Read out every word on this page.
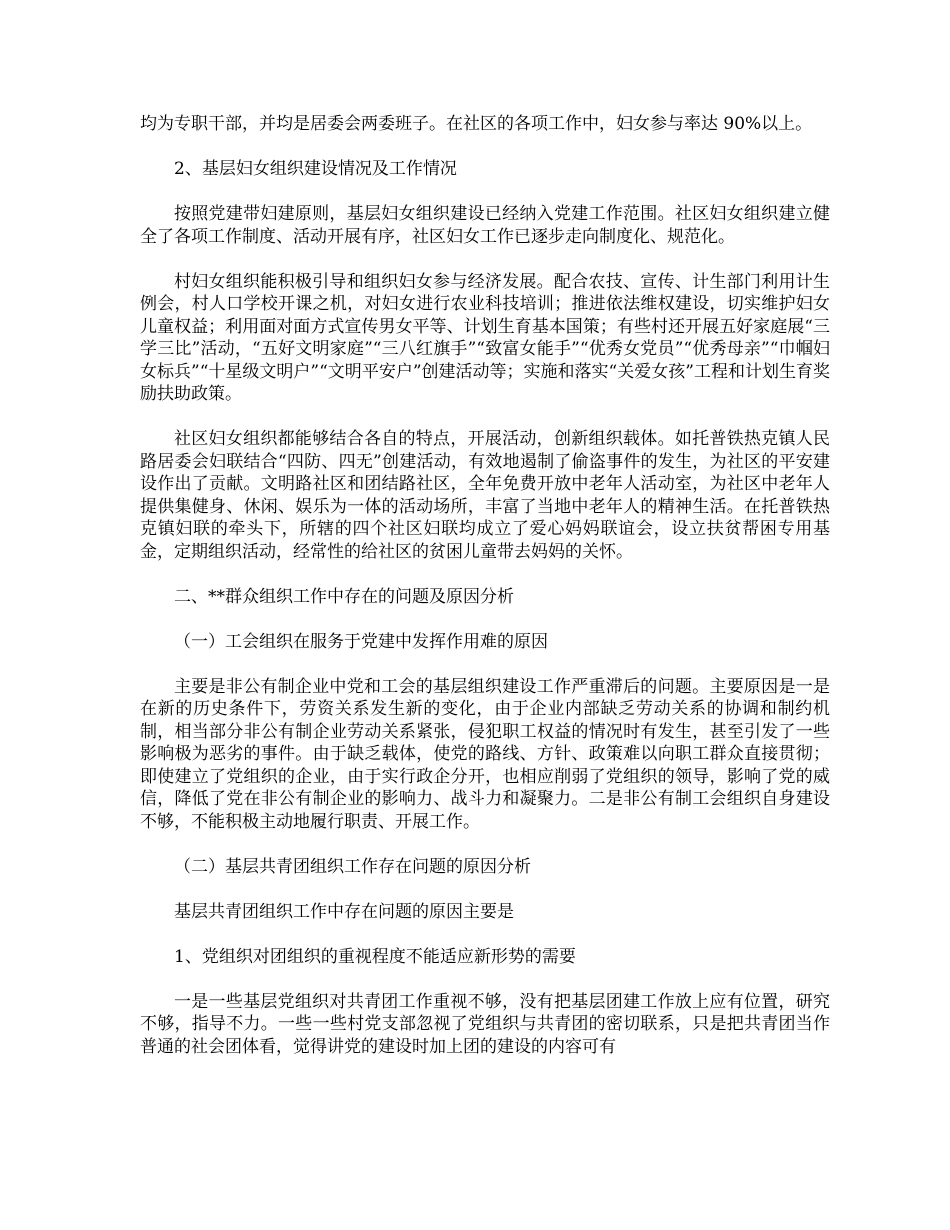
均为专职干部，并均是居委会两委班子。在社区的各项工作中，妇女参与率达 90%以上。

2、基层妇女组织建设情况及工作情况

按照党建带妇建原则，基层妇女组织建设已经纳入党建工作范围。社区妇女组织建立健全了各项工作制度、活动开展有序，社区妇女工作已逐步走向制度化、规范化。

村妇女组织能积极引导和组织妇女参与经济发展。配合农技、宣传、计生部门利用计生例会，村人口学校开课之机，对妇女进行农业科技培训；推进依法维权建设，切实维护妇女儿童权益；利用面对面方式宣传男女平等、计划生育基本国策；有些村还开展五好家庭展“三学三比”活动，“五好文明家庭”“三八红旗手”“致富女能手”“优秀女党员”“优秀母亲”“巾帼妇女标兵”“十星级文明户”“文明平安户”创建活动等；实施和落实“关爱女孩”工程和计划生育奖励扶助政策。

社区妇女组织都能够结合各自的特点，开展活动，创新组织载体。如托普铁热克镇人民路居委会妇联结合“四防、四无”创建活动，有效地遏制了偷盗事件的发生，为社区的平安建设作出了贡献。文明路社区和团结路社区，全年免费开放中老年人活动室，为社区中老年人提供集健身、休闲、娱乐为一体的活动场所，丰富了当地中老年人的精神生活。在托普铁热克镇妇联的牵头下，所辖的四个社区妇联均成立了爱心妈妈联谊会，设立扶贫帮困专用基金，定期组织活动，经常性的给社区的贫困儿童带去妈妈的关怀。

二、**群众组织工作中存在的问题及原因分析

（一）工会组织在服务于党建中发挥作用难的原因

主要是非公有制企业中党和工会的基层组织建设工作严重滞后的问题。主要原因是一是在新的历史条件下，劳资关系发生新的变化，由于企业内部缺乏劳动关系的协调和制约机制，相当部分非公有制企业劳动关系紧张，侵犯职工权益的情况时有发生，甚至引发了一些影响极为恶劣的事件。由于缺乏载体，使党的路线、方针、政策难以向职工群众直接贯彻；即使建立了党组织的企业，由于实行政企分开，也相应削弱了党组织的领导，影响了党的威信，降低了党在非公有制企业的影响力、战斗力和凝聚力。二是非公有制工会组织自身建设不够，不能积极主动地履行职责、开展工作。

（二）基层共青团组织工作存在问题的原因分析

基层共青团组织工作中存在问题的原因主要是

1、党组织对团组织的重视程度不能适应新形势的需要

一是一些基层党组织对共青团工作重视不够，没有把基层团建工作放上应有位置，研究不够，指导不力。一些一些村党支部忽视了党组织与共青团的密切联系，只是把共青团当作普通的社会团体看，觉得讲党的建设时加上团的建设的内容可有
